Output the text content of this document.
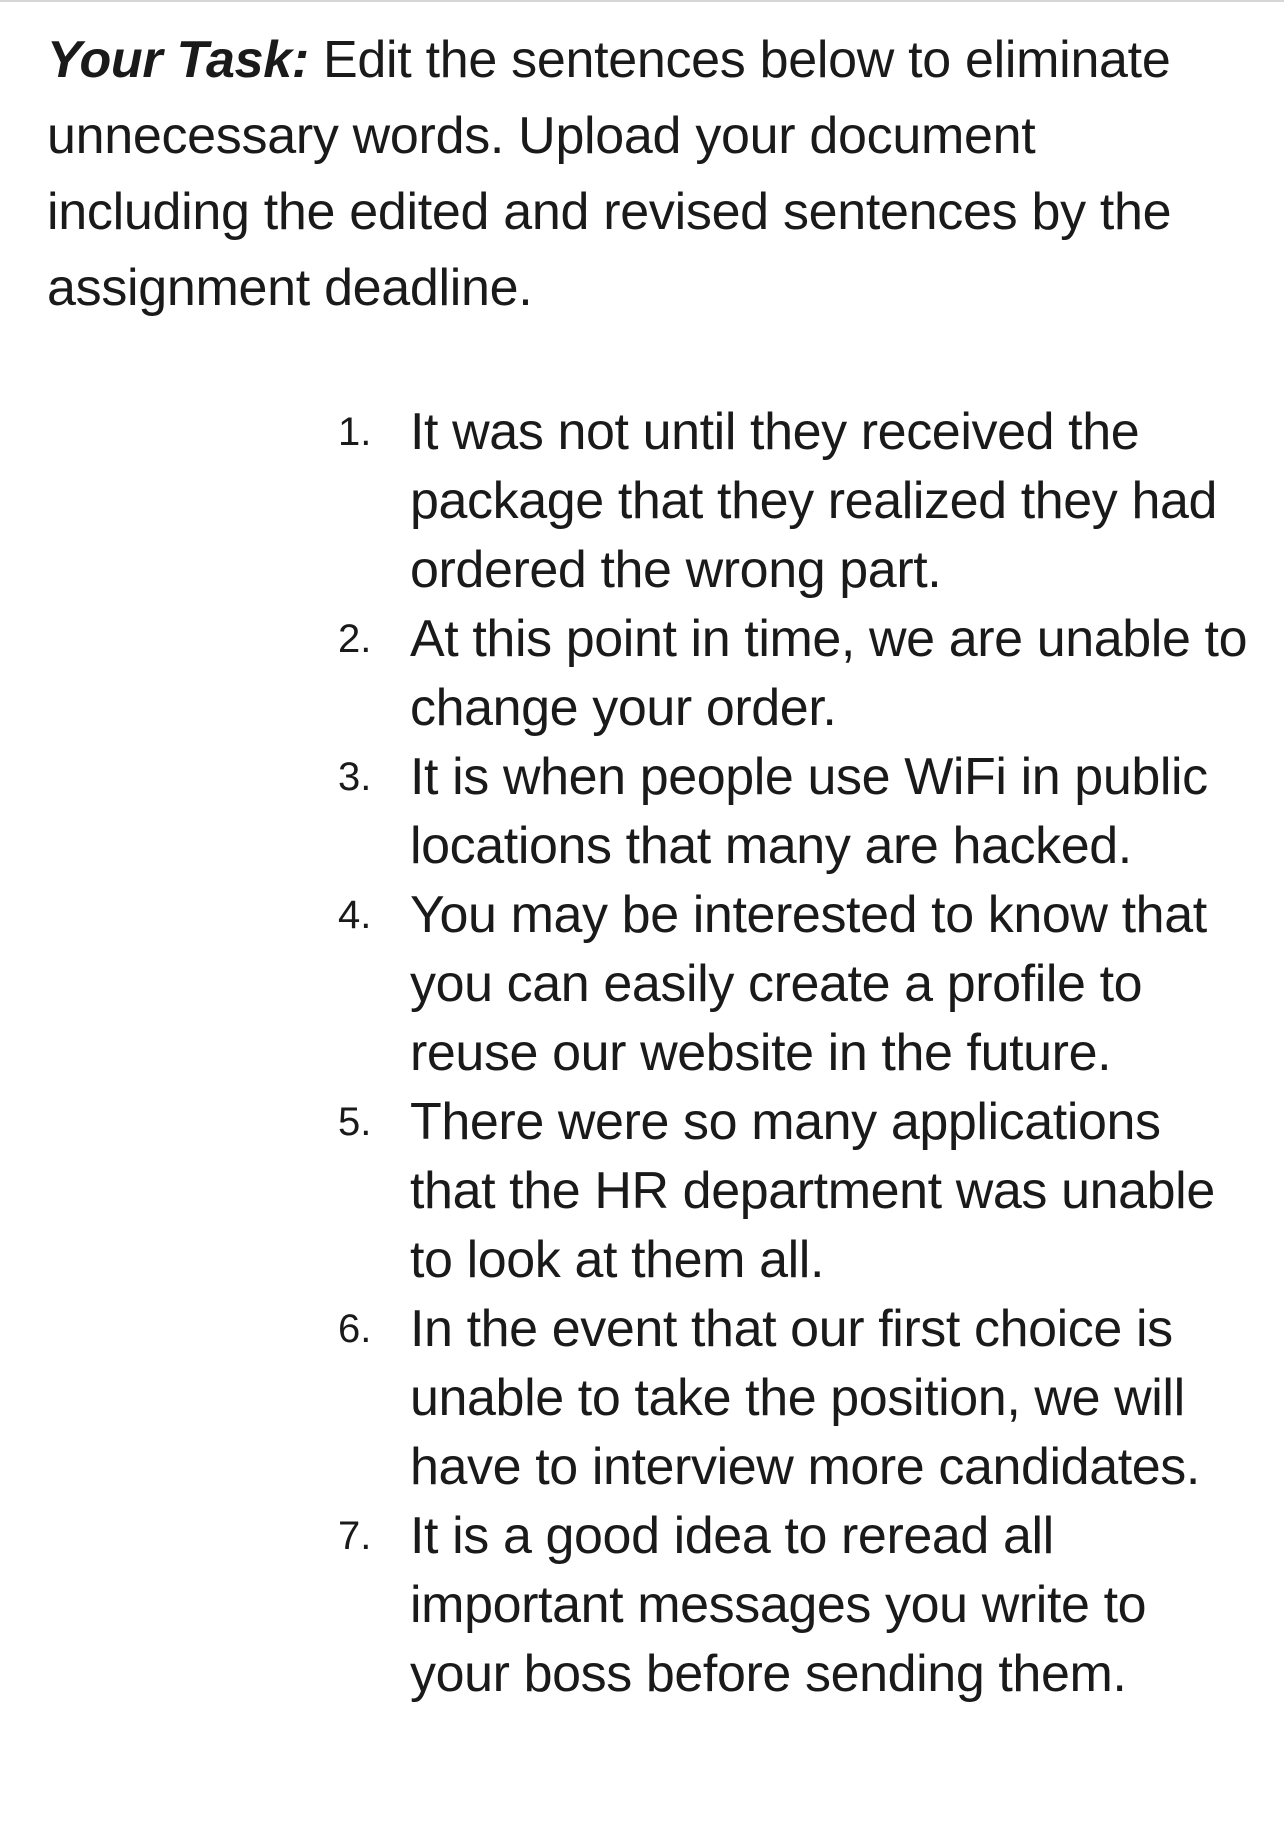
Your Task: Edit the sentences below to eliminate unnecessary words. Upload your document including the edited and revised sentences by the assignment deadline.
1. It was not until they received the package that they realized they had ordered the wrong part.
2. At this point in time, we are unable to change your order.
3. It is when people use WiFi in public locations that many are hacked.
4. You may be interested to know that you can easily create a profile to reuse our website in the future.
5. There were so many applications that the HR department was unable to look at them all.
6. In the event that our first choice is unable to take the position, we will have to interview more candidates.
7. It is a good idea to reread all important messages you write to your boss before sending them.
